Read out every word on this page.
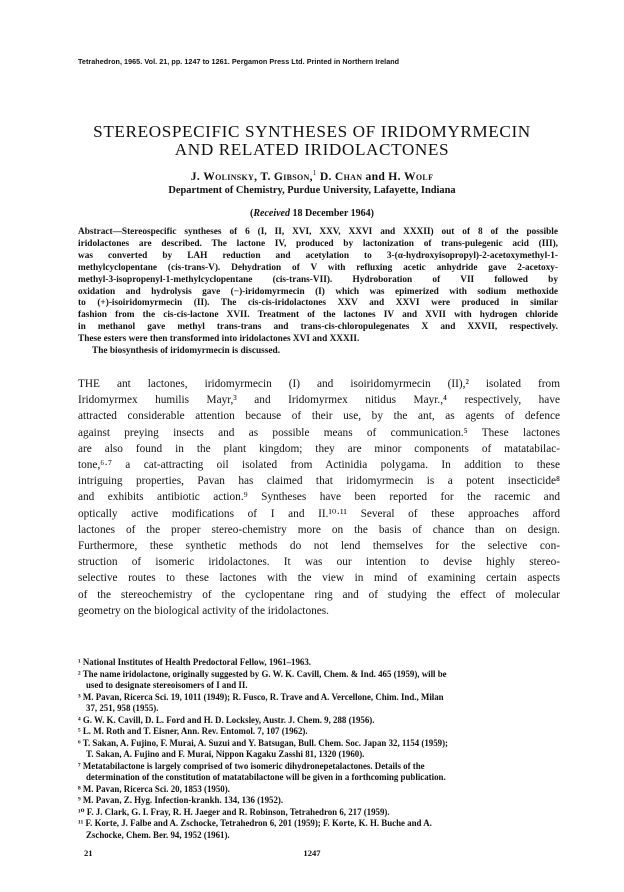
Tetrahedron, 1965. Vol. 21, pp. 1247 to 1261. Pergamon Press Ltd. Printed in Northern Ireland
STEREOSPECIFIC SYNTHESES OF IRIDOMYRMECIN
AND RELATED IRIDOLACTONES
J. Wolinsky, T. Gibson,$^1$ D. Chan and H. Wolf
Department of Chemistry, Purdue University, Lafayette, Indiana
(Received 18 December 1964)
Abstract—Stereospecific syntheses of 6 (I, II, XVI, XXV, XXVI and XXXII) out of 8 of the possible
iridolactones are described. The lactone IV, produced by lactonization of trans-pulegenic acid (III),
was converted by LAH reduction and acetylation to 3-(α-hydroxyisopropyl)-2-acetoxymethyl-1-
methylcyclopentane (cis-trans-V). Dehydration of V with refluxing acetic anhydride gave 2-acetoxy-
methyl-3-isopropenyl-1-methylcyclopentane (cis-trans-VII). Hydroboration of VII followed by
oxidation and hydrolysis gave (−)-iridomyrmecin (I) which was epimerized with sodium methoxide
to (+)-isoiridomyrmecin (II). The cis-cis-iridolactones XXV and XXVI were produced in similar
fashion from the cis-cis-lactone XVII. Treatment of the lactones IV and XVII with hydrogen chloride
in methanol gave methyl trans-trans and trans-cis-chloropulegenates X and XXVII, respectively.
These esters were then transformed into iridolactones XVI and XXXII.
The biosynthesis of iridomyrmecin is discussed.
THE ant lactones, iridomyrmecin (I) and isoiridomyrmecin (II),² isolated from
Iridomyrmex humilis Mayr,³ and Iridomyrmex nitidus Mayr.,⁴ respectively, have
attracted considerable attention because of their use, by the ant, as agents of defence
against preying insects and as possible means of communication.⁵ These lactones
are also found in the plant kingdom; they are minor components of matatabilac-
tone,⁶·⁷ a cat-attracting oil isolated from Actinidia polygama. In addition to these
intriguing properties, Pavan has claimed that iridomyrmecin is a potent insecticide⁸
and exhibits antibiotic action.⁹ Syntheses have been reported for the racemic and
optically active modifications of I and II.¹⁰·¹¹ Several of these approaches afford
lactones of the proper stereo-chemistry more on the basis of chance than on design.
Furthermore, these synthetic methods do not lend themselves for the selective con-
struction of isomeric iridolactones. It was our intention to devise highly stereo-
selective routes to these lactones with the view in mind of examining certain aspects
of the stereochemistry of the cyclopentane ring and of studying the effect of molecular
geometry on the biological activity of the iridolactones.
¹ National Institutes of Health Predoctoral Fellow, 1961–1963.
² The name iridolactone, originally suggested by G. W. K. Cavill, Chem. & Ind. 465 (1959), will be
used to designate stereoisomers of I and II.
³ M. Pavan, Ricerca Sci. 19, 1011 (1949); R. Fusco, R. Trave and A. Vercellone, Chim. Ind., Milan
37, 251, 958 (1955).
⁴ G. W. K. Cavill, D. L. Ford and H. D. Locksley, Austr. J. Chem. 9, 288 (1956).
⁵ L. M. Roth and T. Eisner, Ann. Rev. Entomol. 7, 107 (1962).
⁶ T. Sakan, A. Fujino, F. Murai, A. Suzui and Y. Batsugan, Bull. Chem. Soc. Japan 32, 1154 (1959);
T. Sakan, A. Fujino and F. Murai, Nippon Kagaku Zasshi 81, 1320 (1960).
⁷ Metatabilactone is largely comprised of two isomeric dihydronepetalactones. Details of the
determination of the constitution of matatabilactone will be given in a forthcoming publication.
⁸ M. Pavan, Ricerca Sci. 20, 1853 (1950).
⁹ M. Pavan, Z. Hyg. Infection-krankh. 134, 136 (1952).
¹⁰ F. J. Clark, G. I. Fray, R. H. Jaeger and R. Robinson, Tetrahedron 6, 217 (1959).
¹¹ F. Korte, J. Falbe and A. Zschocke, Tetrahedron 6, 201 (1959); F. Korte, K. H. Buche and A.
Zschocke, Chem. Ber. 94, 1952 (1961).
21	1247
